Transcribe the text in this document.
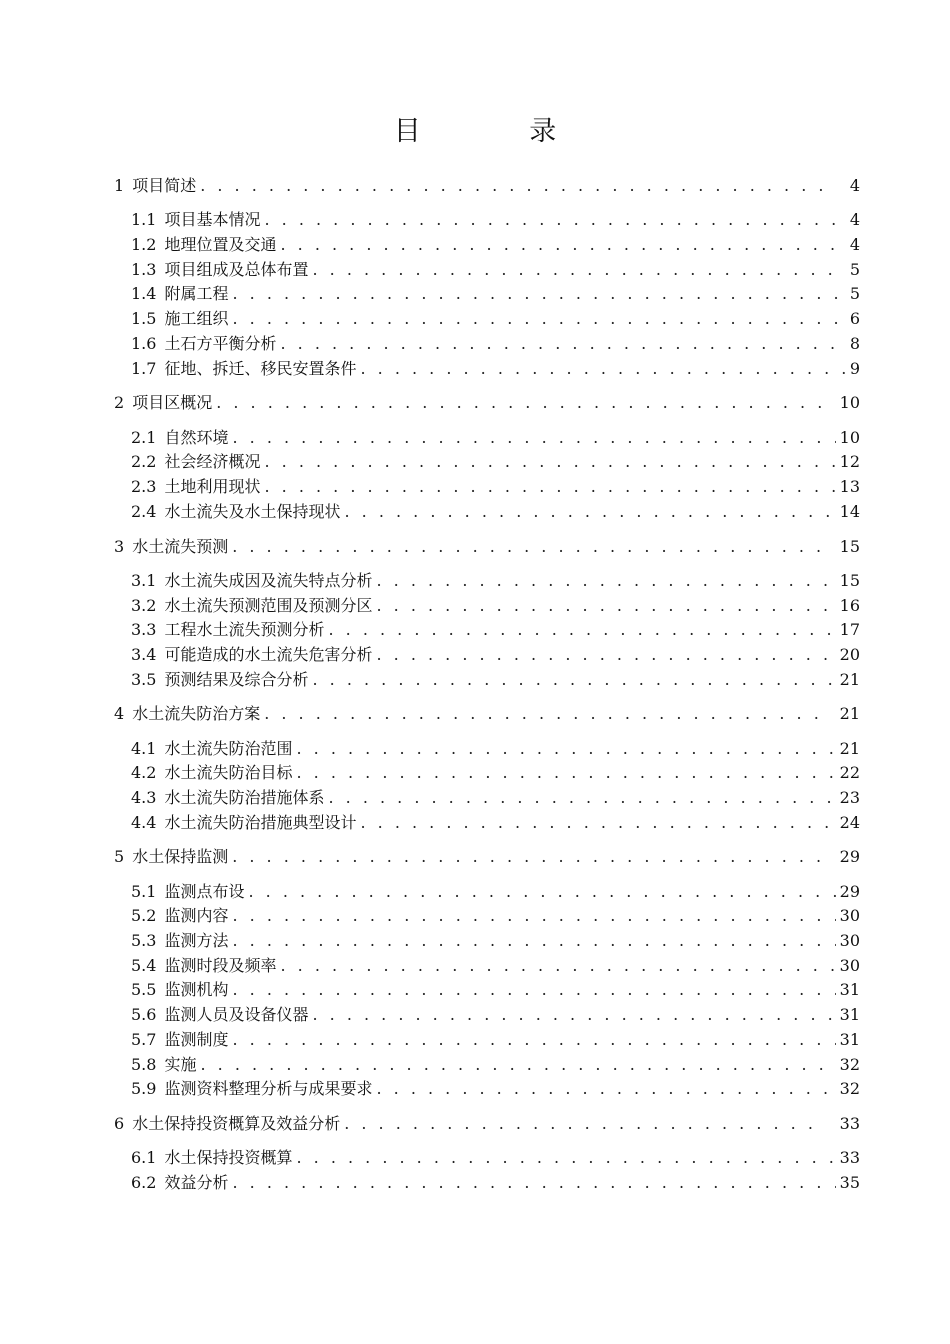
目 录
1 项目简述 . . .	4
1.1 项目基本情况 . . .	4
1.2 地理位置及交通 . . .	4
1.3 项目组成及总体布置 . . .	5
1.4 附属工程 . . .	5
1.5 施工组织 . . .	6
1.6 土石方平衡分析 . . .	8
1.7 征地、拆迁、移民安置条件 . . .	9
2 项目区概况 . . .	10
2.1 自然环境 . . .	10
2.2 社会经济概况 . . .	12
2.3 土地利用现状 . . .	13
2.4 水土流失及水土保持现状 . . .	14
3 水土流失预测 . . .	15
3.1 水土流失成因及流失特点分析 . . .	15
3.2 水土流失预测范围及预测分区 . . .	16
3.3 工程水土流失预测分析 . . .	17
3.4 可能造成的水土流失危害分析 . . .	20
3.5 预测结果及综合分析 . . .	21
4 水土流失防治方案 . . .	21
4.1 水土流失防治范围 . . .	21
4.2 水土流失防治目标 . . .	22
4.3 水土流失防治措施体系 . . .	23
4.4 水土流失防治措施典型设计 . . .	24
5 水土保持监测 . . .	29
5.1 监测点布设 . . .	29
5.2 监测内容 . . .	30
5.3 监测方法 . . .	30
5.4 监测时段及频率 . . .	30
5.5 监测机构 . . .	31
5.6 监测人员及设备仪器 . . .	31
5.7 监测制度 . . .	31
5.8 实施 . . .	32
5.9 监测资料整理分析与成果要求 . . .	32
6 水土保持投资概算及效益分析 . . .	33
6.1 水土保持投资概算 . . .	33
6.2 效益分析 . . .	35
